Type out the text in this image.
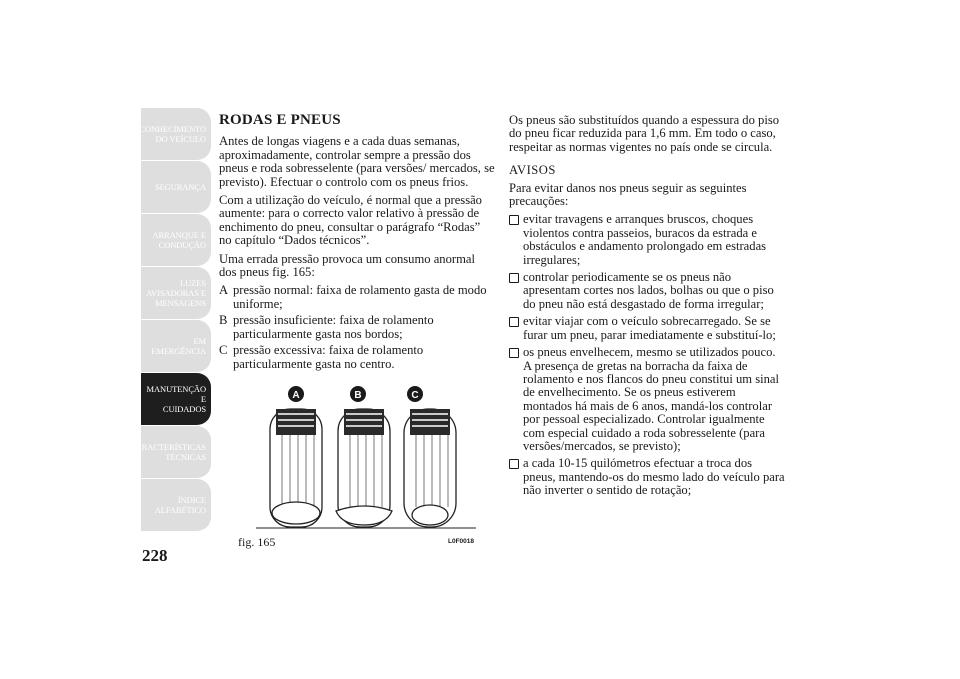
CONHECIMENTO
DO VEÍCULO
SEGURANÇA
ARRANQUE E
CONDUÇÃO
LUZES
AVISADORAS E
MENSAGENS
EM EMERGÊNCIA
MANUTENÇÃO E
CUIDADOS
CARACTERÍSTICAS
TÉCNICAS
ÍNDICE
ALFABÉTICO
228
RODAS E PNEUS

Antes de longas viagens e a cada duas semanas, aproximadamente, controlar sempre a pressão dos pneus e roda sobresselente (para versões/ mercados, se previsto). Efectuar o controlo com os pneus frios.

Com a utilização do veículo, é normal que a pressão aumente: para o correcto valor relativo à pressão de enchimento do pneu, consultar o parágrafo “Rodas” no capítulo “Dados técnicos”.

Uma errada pressão provoca um consumo anormal dos pneus fig. 165:

A pressão normal: faixa de rolamento gasta de modo uniforme;
B pressão insuficiente: faixa de rolamento particularmente gasta nos bordos;
C pressão excessiva: faixa de rolamento particularmente gasta no centro.
A	B	C
fig. 165	L0F0018

Os pneus são substituídos quando a espessura do piso do pneu ficar reduzida para 1,6 mm. Em todo o caso, respeitar as normas vigentes no país onde se circula.

AVISOS

Para evitar danos nos pneus seguir as seguintes precauções:

evitar travagens e arranques bruscos, choques violentos contra passeios, buracos da estrada e obstáculos e andamento prolongado em estradas irregulares;
controlar periodicamente se os pneus não apresentam cortes nos lados, bolhas ou que o piso do pneu não está desgastado de forma irregular;
evitar viajar com o veículo sobrecarregado. Se se furar um pneu, parar imediatamente e substituí-lo;
os pneus envelhecem, mesmo se utilizados pouco. A presença de gretas na borracha da faixa de rolamento e nos flancos do pneu constitui um sinal de envelhecimento. Se os pneus estiverem montados há mais de 6 anos, mandá-los controlar por pessoal especializado. Controlar igualmente com especial cuidado a roda sobresselente (para versões/mercados, se previsto);
a cada 10-15 quilómetros efectuar a troca dos pneus, mantendo-os do mesmo lado do veículo para não inverter o sentido de rotação;
